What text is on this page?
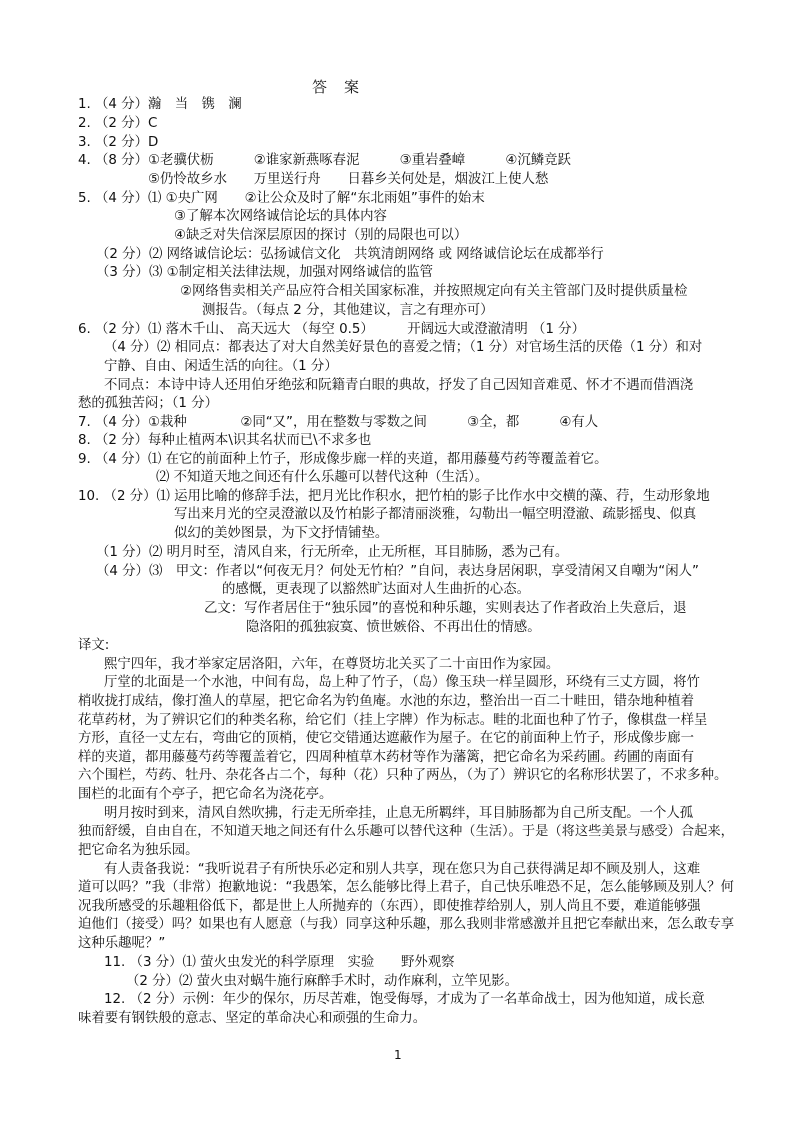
答　案
1. （4 分）瀚　当　镌　澜
2. （2 分）C
3. （2 分）D
4. （8 分）①老骥伏枥　　　②谁家新燕啄春泥　　　③重岩叠嶂　　　④沉鳞竞跃
⑤仍怜故乡水　　万里送行舟　　日暮乡关何处是，烟波江上使人愁
5. （4 分）⑴ ①央广网　　②让公众及时了解“东北雨姐”事件的始末
③了解本次网络诚信论坛的具体内容
④缺乏对失信深层原因的探讨（别的局限也可以）
（2 分）⑵ 网络诚信论坛：弘扬诚信文化　共筑清朗网络 或 网络诚信论坛在成都举行
（3 分）⑶ ①制定相关法律法规，加强对网络诚信的监管
②网络售卖相关产品应符合相关国家标准，并按照规定向有关主管部门及时提供质量检
测报告。（每点 2 分，其他建议，言之有理亦可）
6. （2 分）⑴ 落木千山、 高天远大 （每空 0.5）　　　开阔远大或澄澈清明 （1 分）
（4 分）⑵ 相同点：都表达了对大自然美好景色的喜爱之情；（1 分）对官场生活的厌倦（1 分）和对
宁静、自由、闲适生活的向往。（1 分）
不同点：本诗中诗人还用伯牙绝弦和阮籍青白眼的典故，抒发了自己因知音难觅、怀才不遇而借酒浇
愁的孤独苦闷；（1 分）
7. （4 分）①栽种　　　　②同“又”，用在整数与零数之间　　　③全，都　　　④有人
8. （2 分）每种止植两本\识其名状而已\不求多也
9. （4 分）⑴ 在它的前面种上竹子，形成像步廊一样的夹道，都用藤蔓芍药等覆盖着它。
⑵ 不知道天地之间还有什么乐趣可以替代这种（生活）。
10. （2 分）⑴ 运用比喻的修辞手法，把月光比作积水，把竹柏的影子比作水中交横的藻、荇，生动形象地
写出来月光的空灵澄澈以及竹柏影子都清丽淡雅，勾勒出一幅空明澄澈、疏影摇曳、似真
似幻的美妙图景，为下文抒情铺垫。
（1 分）⑵ 明月时至，清风自来，行无所牵，止无所框，耳目肺肠，悉为己有。
（4 分）⑶　甲文：作者以“何夜无月？何处无竹柏？”自问，表达身居闲职，享受清闲又自嘲为“闲人”
的感慨，更表现了以豁然旷达面对人生曲折的心态。
乙文：写作者居住于“独乐园”的喜悦和种乐趣，实则表达了作者政治上失意后，退
隐洛阳的孤独寂寞、愤世嫉俗、不再出仕的情感。
译文:
熙宁四年，我才举家定居洛阳，六年，在尊贤坊北关买了二十亩田作为家园。
厅堂的北面是一个水池，中间有岛，岛上种了竹子，（岛）像玉玦一样呈圆形，环绕有三丈方圆，将竹
梢收拢打成结，像打渔人的草屋，把它命名为钓鱼庵。水池的东边，整治出一百二十畦田，错杂地种植着
花草药材，为了辨识它们的种类名称，给它们（挂上字牌）作为标志。畦的北面也种了竹子，像棋盘一样呈
方形，直径一丈左右，弯曲它的顶梢，使它交错通达遮蔽作为屋子。在它的前面种上竹子，形成像步廊一
样的夹道，都用藤蔓芍药等覆盖着它，四周种植草木药材等作为藩篱，把它命名为采药圃。药圃的南面有
六个围栏，芍药、牡丹、杂花各占二个，每种（花）只种了两丛，（为了）辨识它的名称形状罢了，不求多种。
围栏的北面有个亭子，把它命名为浇花亭。
明月按时到来，清风自然吹拂，行走无所牵挂，止息无所羁绊，耳目肺肠都为自己所支配。一个人孤
独而舒缓，自由自在，不知道天地之间还有什么乐趣可以替代这种（生活）。于是（将这些美景与感受）合起来，
把它命名为独乐园。
有人责备我说：“我听说君子有所快乐必定和别人共享，现在您只为自己获得满足却不顾及别人，这难
道可以吗？”我（非常）抱歉地说：“我愚笨，怎么能够比得上君子，自己快乐唯恐不足，怎么能够顾及别人？何
况我所感受的乐趣粗俗低下，都是世上人所抛弃的（东西），即使推荐给别人，别人尚且不要，难道能够强
迫他们（接受）吗？如果也有人愿意（与我）同享这种乐趣，那么我则非常感激并且把它奉献出来，怎么敢专享
这种乐趣呢？”
11. （3 分）⑴ 萤火虫发光的科学原理　实验　　野外观察
（2 分）⑵ 萤火虫对蜗牛施行麻醉手术时，动作麻利，立竿见影。
12. （2 分）示例：年少的保尔，历尽苦难，饱受侮辱，才成为了一名革命战士，因为他知道，成长意
味着要有钢铁般的意志、坚定的革命决心和顽强的生命力。
1
